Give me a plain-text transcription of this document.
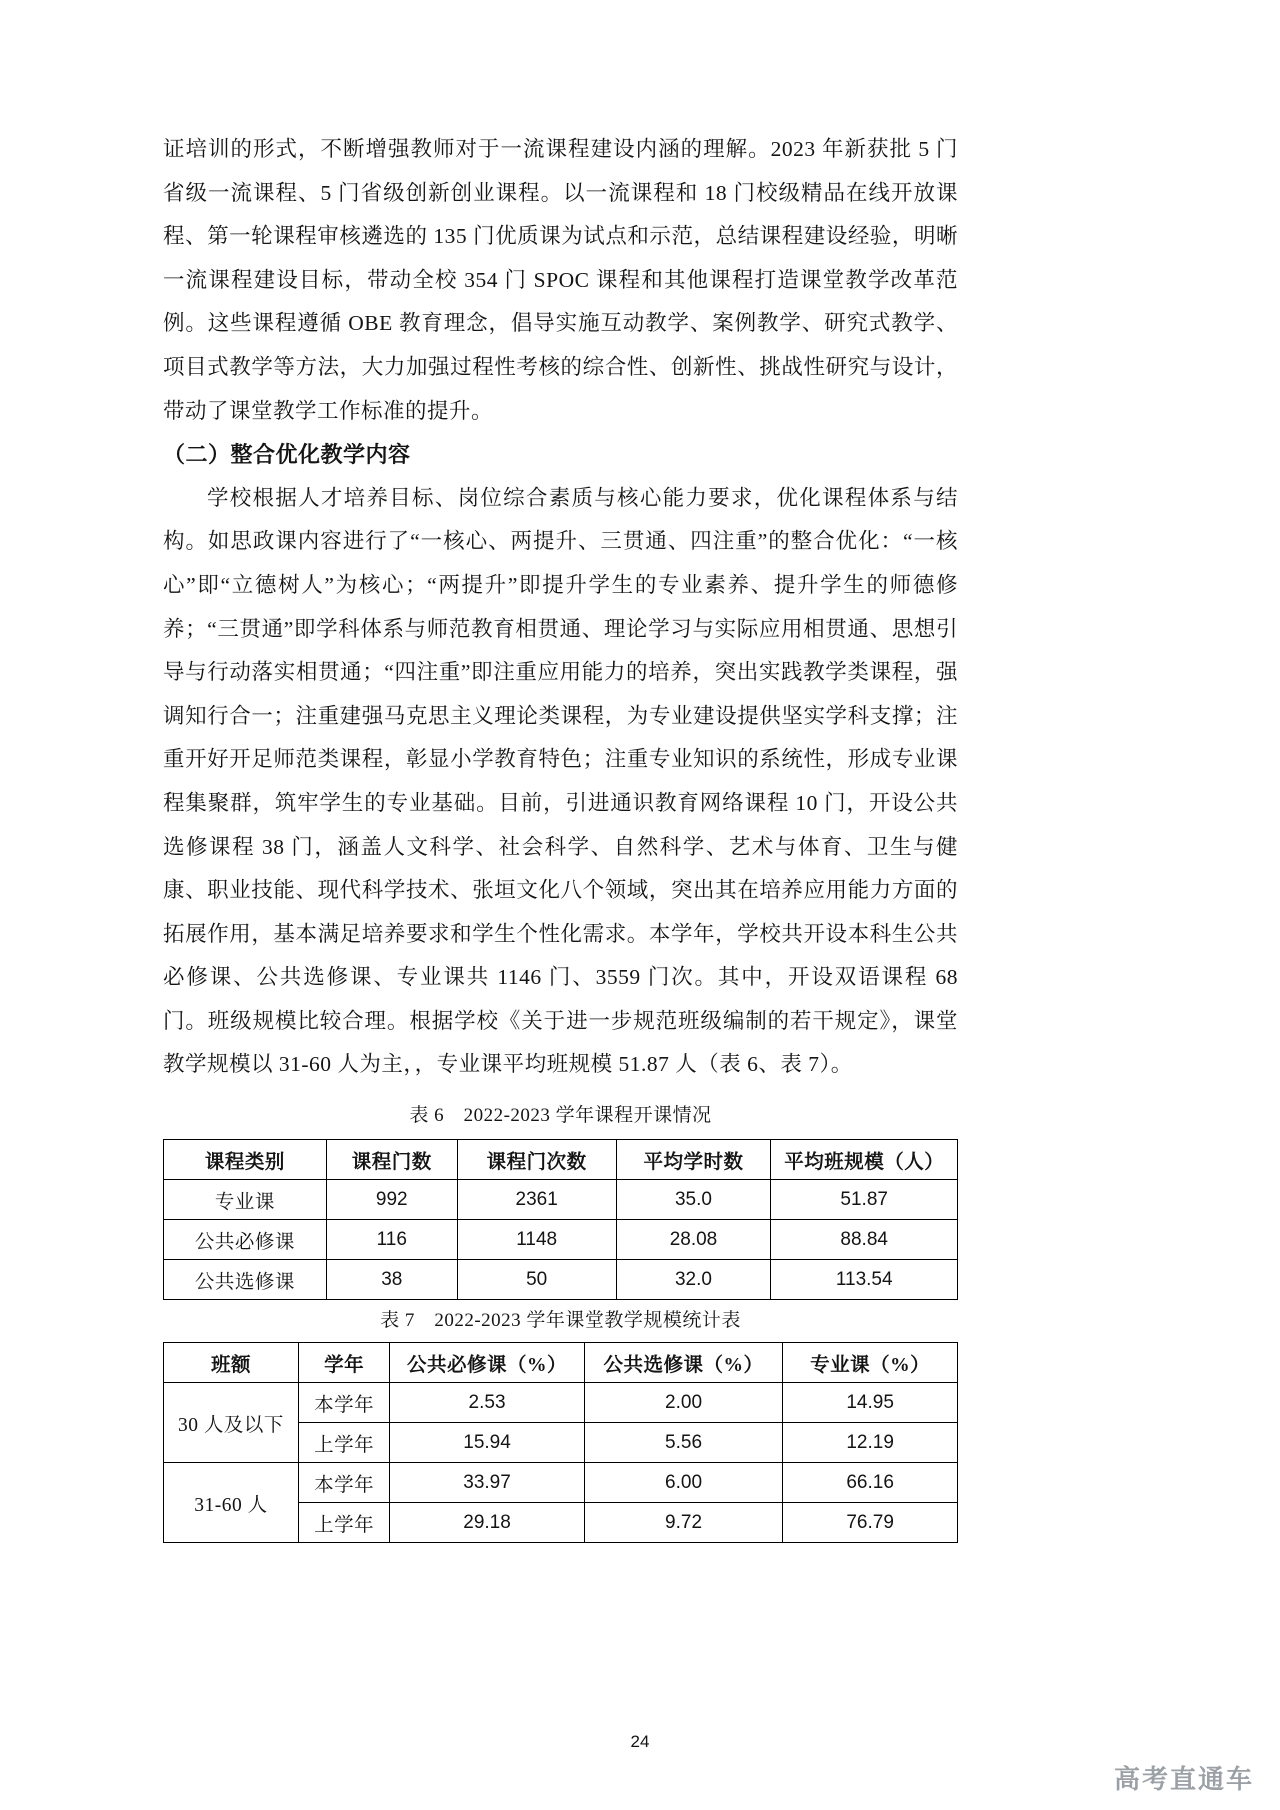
证培训的形式，不断增强教师对于一流课程建设内涵的理解。2023 年新获批 5 门省级一流课程、5 门省级创新创业课程。以一流课程和 18 门校级精品在线开放课程、第一轮课程审核遴选的 135 门优质课为试点和示范，总结课程建设经验，明晰一流课程建设目标，带动全校 354 门 SPOC 课程和其他课程打造课堂教学改革范例。这些课程遵循 OBE 教育理念，倡导实施互动教学、案例教学、研究式教学、项目式教学等方法，大力加强过程性考核的综合性、创新性、挑战性研究与设计，带动了课堂教学工作标准的提升。

（二）整合优化教学内容

学校根据人才培养目标、岗位综合素质与核心能力要求，优化课程体系与结构。如思政课内容进行了“一核心、两提升、三贯通、四注重”的整合优化：“一核心”即“立德树人”为核心；“两提升”即提升学生的专业素养、提升学生的师德修养；“三贯通”即学科体系与师范教育相贯通、理论学习与实际应用相贯通、思想引导与行动落实相贯通；“四注重”即注重应用能力的培养，突出实践教学类课程，强调知行合一；注重建强马克思主义理论类课程，为专业建设提供坚实学科支撑；注重开好开足师范类课程，彰显小学教育特色；注重专业知识的系统性，形成专业课程集聚群，筑牢学生的专业基础。目前，引进通识教育网络课程 10 门，开设公共选修课程 38 门，涵盖人文科学、社会科学、自然科学、艺术与体育、卫生与健康、职业技能、现代科学技术、张垣文化八个领域，突出其在培养应用能力方面的拓展作用，基本满足培养要求和学生个性化需求。本学年，学校共开设本科生公共必修课、公共选修课、专业课共 1146 门、3559 门次。其中，开设双语课程 68 门。班级规模比较合理。根据学校《关于进一步规范班级编制的若干规定》，课堂教学规模以 31-60 人为主，，专业课平均班规模 51.87 人（表 6、表 7）。

表 6　2022-2023 学年课程开课情况

课程类别	课程门数	课程门次数	平均学时数	平均班规模（人）
专业课	992	2361	35.0	51.87
公共必修课	116	1148	28.08	88.84
公共选修课	38	50	32.0	113.54

表 7　2022-2023 学年课堂教学规模统计表

班额	学年	公共必修课（%）	公共选修课（%）	专业课（%）
30 人及以下	本学年	2.53	2.00	14.95
	上学年	15.94	5.56	12.19
31-60 人	本学年	33.97	6.00	66.16
	上学年	29.18	9.72	76.79
24
高考直通车
